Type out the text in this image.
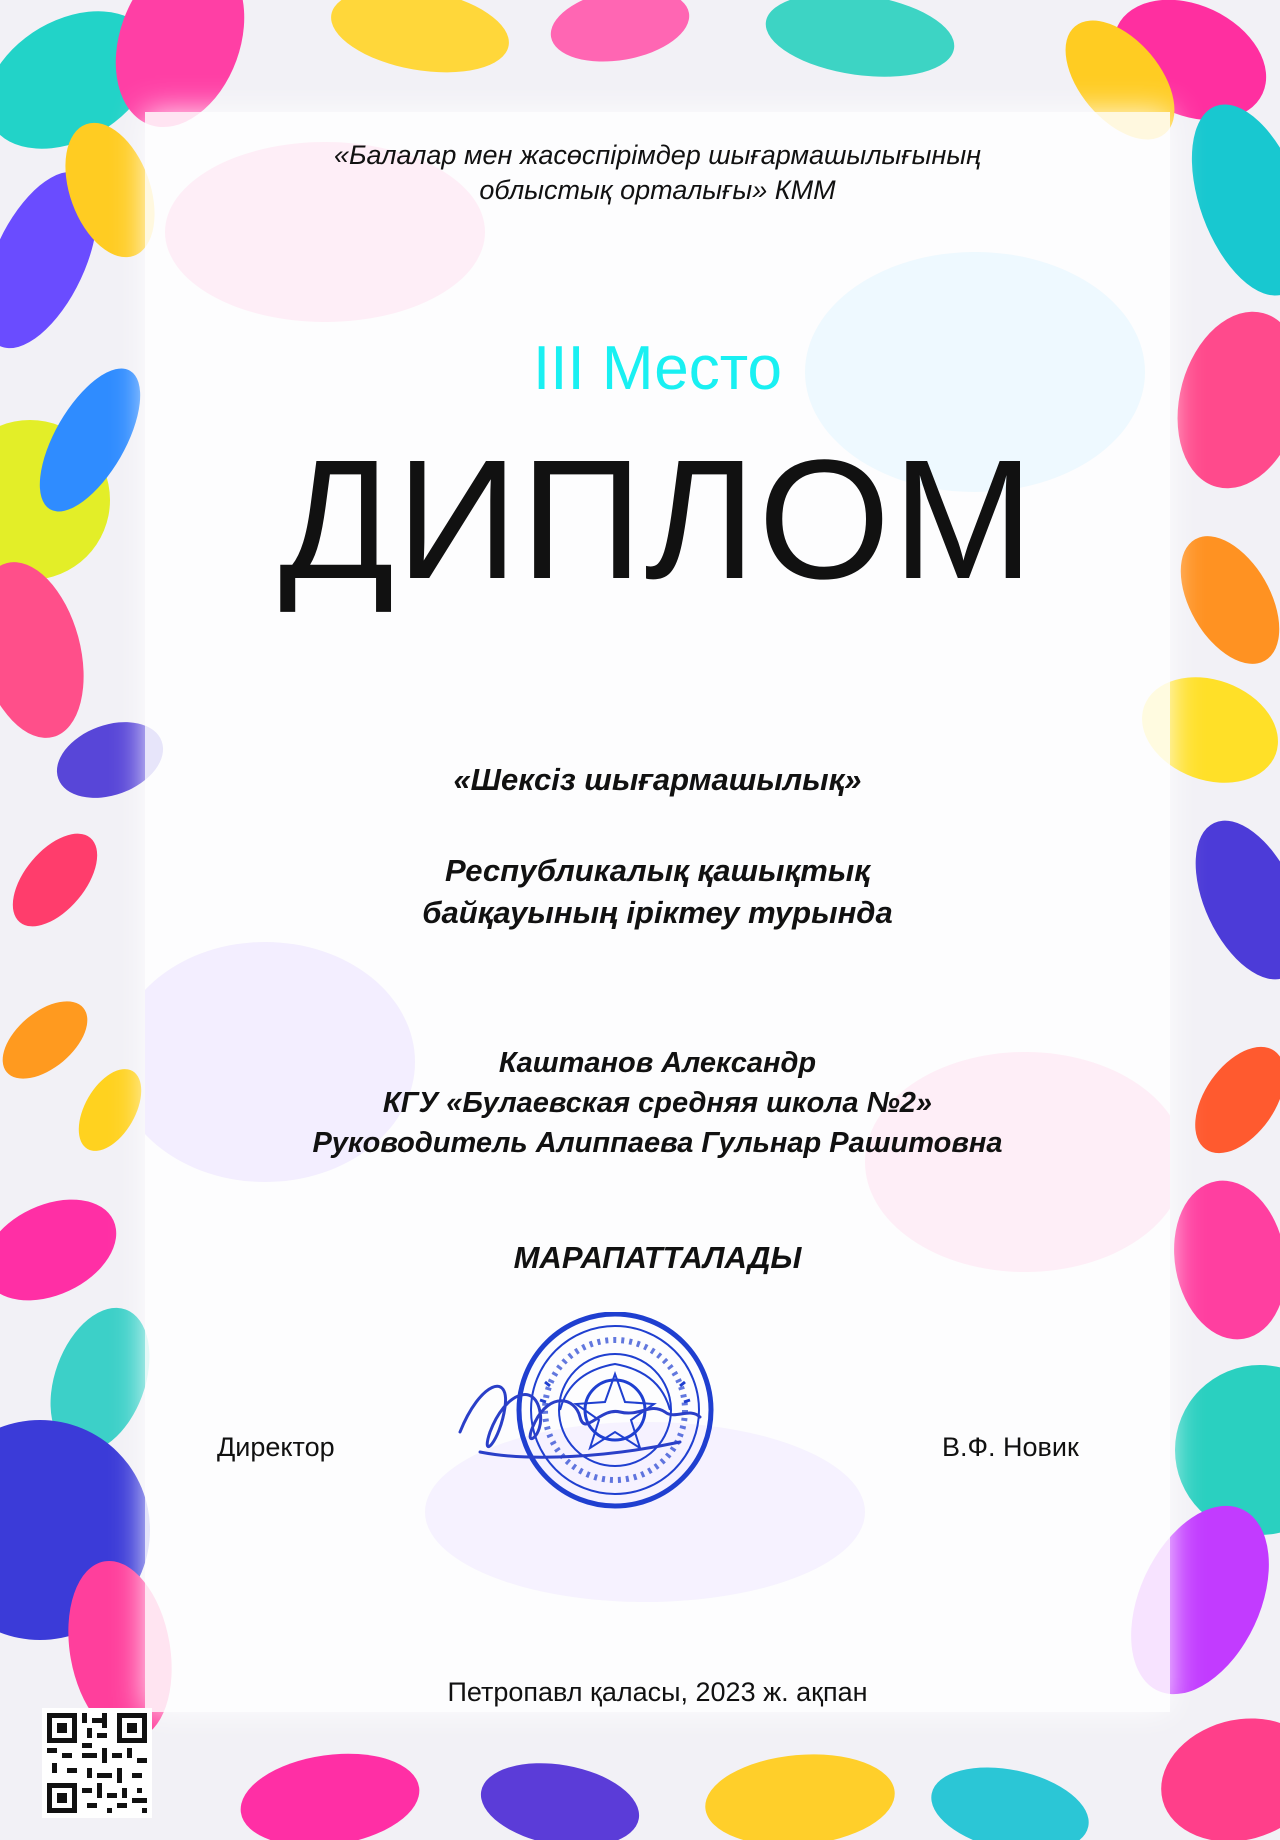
«Балалар мен жасөспірімдер шығармашылығының
облыстық орталығы» КММ
III Место
ДИПЛОМ
«Шексіз шығармашылық»
Республикалық қашықтық
байқауының іріктеу турында
Каштанов Александр
КГУ «Булаевская средняя школа №2»
Руководитель Алиппаева Гульнар Рашитовна
МАРАПАТТАЛАДЫ
Директор	В.Ф. Новик
Петропавл қаласы, 2023 ж. ақпан
